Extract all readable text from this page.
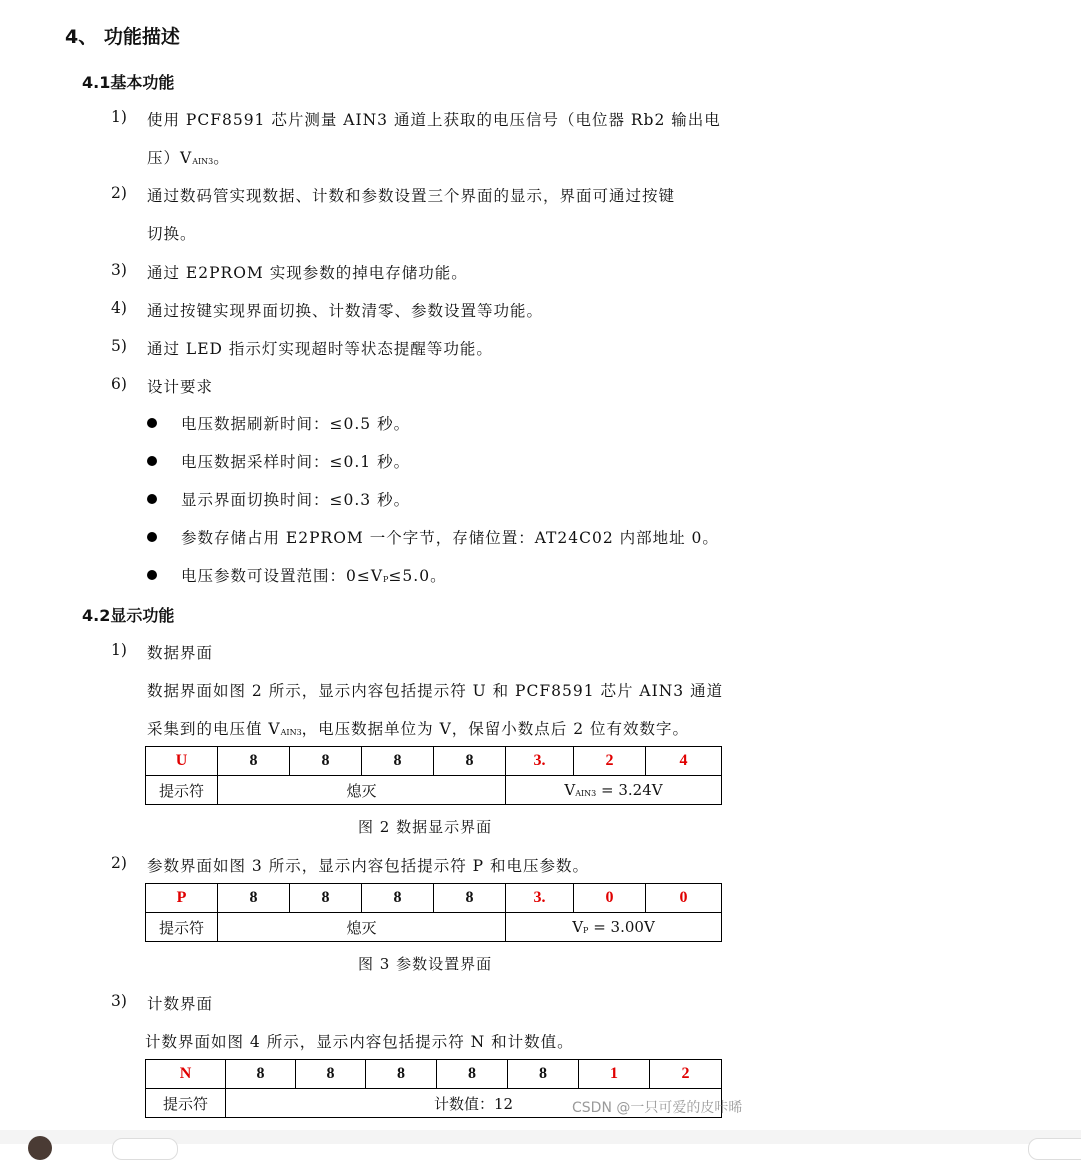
4、 功能描述
4.1基本功能
1) 使用 PCF8591 芯片测量 AIN3 通道上获取的电压信号（电位器 Rb2 输出电
压）VAIN3。
2) 通过数码管实现数据、计数和参数设置三个界面的显示，界面可通过按键
切换。
3) 通过 E2PROM 实现参数的掉电存储功能。
4) 通过按键实现界面切换、计数清零、参数设置等功能。
5) 通过 LED 指示灯实现超时等状态提醒等功能。
6) 设计要求
电压数据刷新时间：≤0.5 秒。
电压数据采样时间：≤0.1 秒。
显示界面切换时间：≤0.3 秒。
参数存储占用 E2PROM 一个字节，存储位置：AT24C02 内部地址 0。
电压参数可设置范围：0≤VP≤5.0。
4.2显示功能
1) 数据界面
数据界面如图 2 所示，显示内容包括提示符 U 和 PCF8591 芯片 AIN3 通道
采集到的电压值 VAIN3，电压数据单位为 V，保留小数点后 2 位有效数字。
U	8	8	8	8	3.	2	4
提示符	熄灭				VAIN3 = 3.24V		
图 2 数据显示界面
2) 参数界面如图 3 所示，显示内容包括提示符 P 和电压参数。
P	8	8	8	8	3.	0	0
提示符	熄灭				VP = 3.00V		
图 3 参数设置界面
3) 计数界面
计数界面如图 4 所示，显示内容包括提示符 N 和计数值。
N	8	8	8	8	8	1	2
提示符	计数值：12							CSDN @一只可爱的皮咔晞
